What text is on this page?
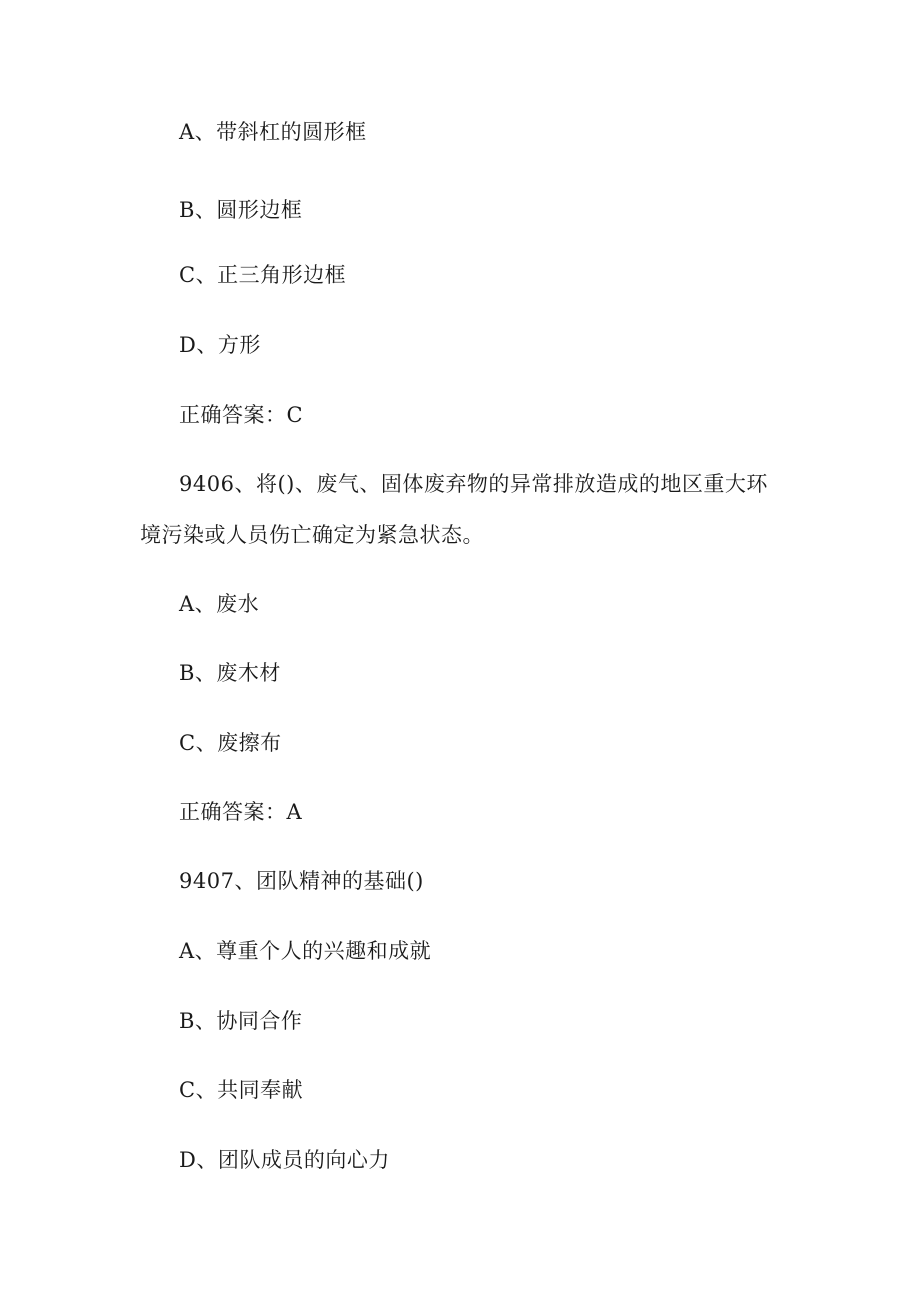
A、带斜杠的圆形框
B、圆形边框
C、正三角形边框
D、方形
正确答案：C
9406、将()、废气、固体废弃物的异常排放造成的地区重大环
境污染或人员伤亡确定为紧急状态。
A、废水
B、废木材
C、废擦布
正确答案：A
9407、团队精神的基础()
A、尊重个人的兴趣和成就
B、协同合作
C、共同奉献
D、团队成员的向心力
